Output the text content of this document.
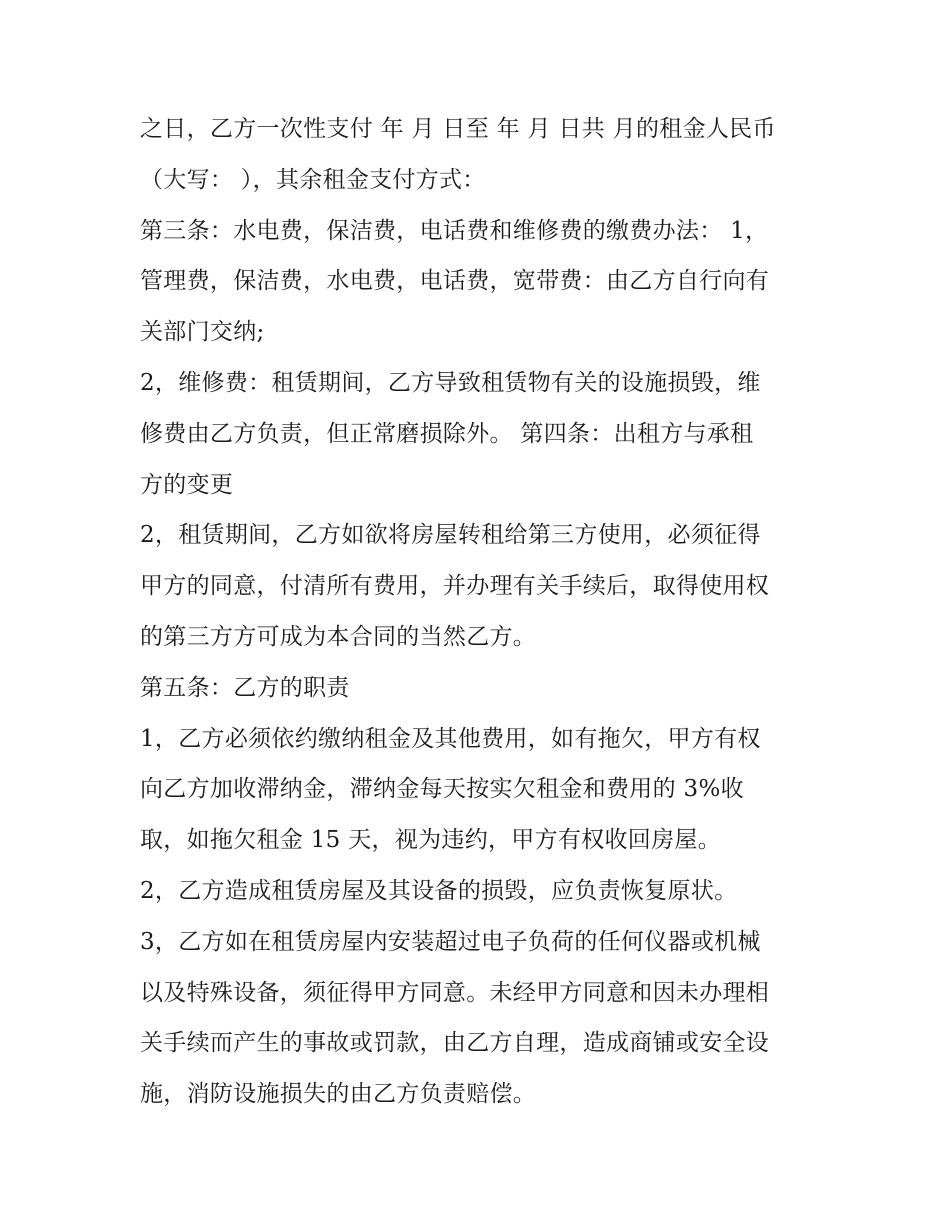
之日，乙方一次性支付 年 月 日至 年 月 日共 月的租金人民币
（大写： ），其余租金支付方式：
第三条：水电费，保洁费，电话费和维修费的缴费办法： 1，
管理费，保洁费，水电费，电话费，宽带费：由乙方自行向有
关部门交纳;
2，维修费：租赁期间，乙方导致租赁物有关的设施损毁，维
修费由乙方负责，但正常磨损除外。 第四条：出租方与承租
方的变更
2，租赁期间，乙方如欲将房屋转租给第三方使用，必须征得
甲方的同意，付清所有费用，并办理有关手续后，取得使用权
的第三方方可成为本合同的当然乙方。
第五条：乙方的职责
1，乙方必须依约缴纳租金及其他费用，如有拖欠，甲方有权
向乙方加收滞纳金，滞纳金每天按实欠租金和费用的 3%收
取，如拖欠租金 15 天，视为违约，甲方有权收回房屋。
2，乙方造成租赁房屋及其设备的损毁，应负责恢复原状。
3，乙方如在租赁房屋内安装超过电子负荷的任何仪器或机械
以及特殊设备，须征得甲方同意。未经甲方同意和因未办理相
关手续而产生的事故或罚款，由乙方自理，造成商铺或安全设
施，消防设施损失的由乙方负责赔偿。
